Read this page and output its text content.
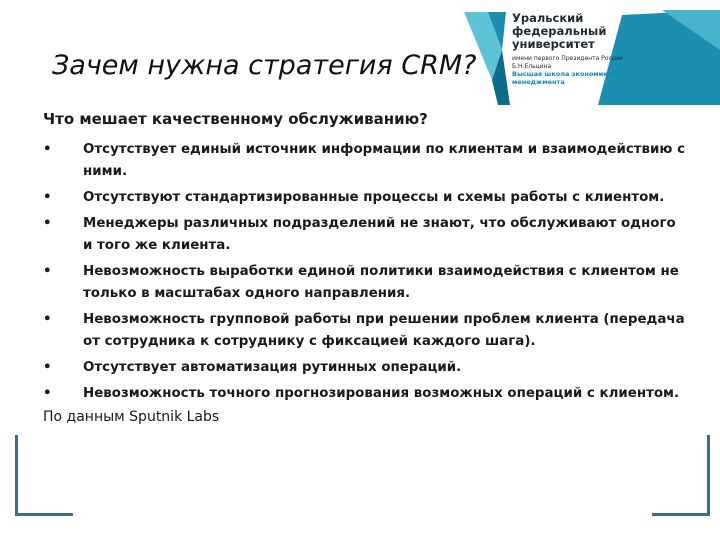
Уральский федеральный университет
имени первого Президента России Б.Н.Ельцина
Высшая школа экономики и менеджмента
Зачем нужна стратегия CRM?

Что мешает качественному обслуживанию?

• Отсутствует единый источник информации по клиентам и взаимодействию с ними.
• Отсутствуют стандартизированные процессы и схемы работы с клиентом.
• Менеджеры различных подразделений не знают, что обслуживают одного и того же клиента.
• Невозможность выработки единой политики взаимодействия с клиентом не только в масштабах одного направления.
• Невозможность групповой работы при решении проблем клиента (передача от сотрудника к сотруднику с фиксацией каждого шага).
• Отсутствует автоматизация рутинных операций.
• Невозможность точного прогнозирования возможных операций с клиентом.
По данным Sputnik Labs
